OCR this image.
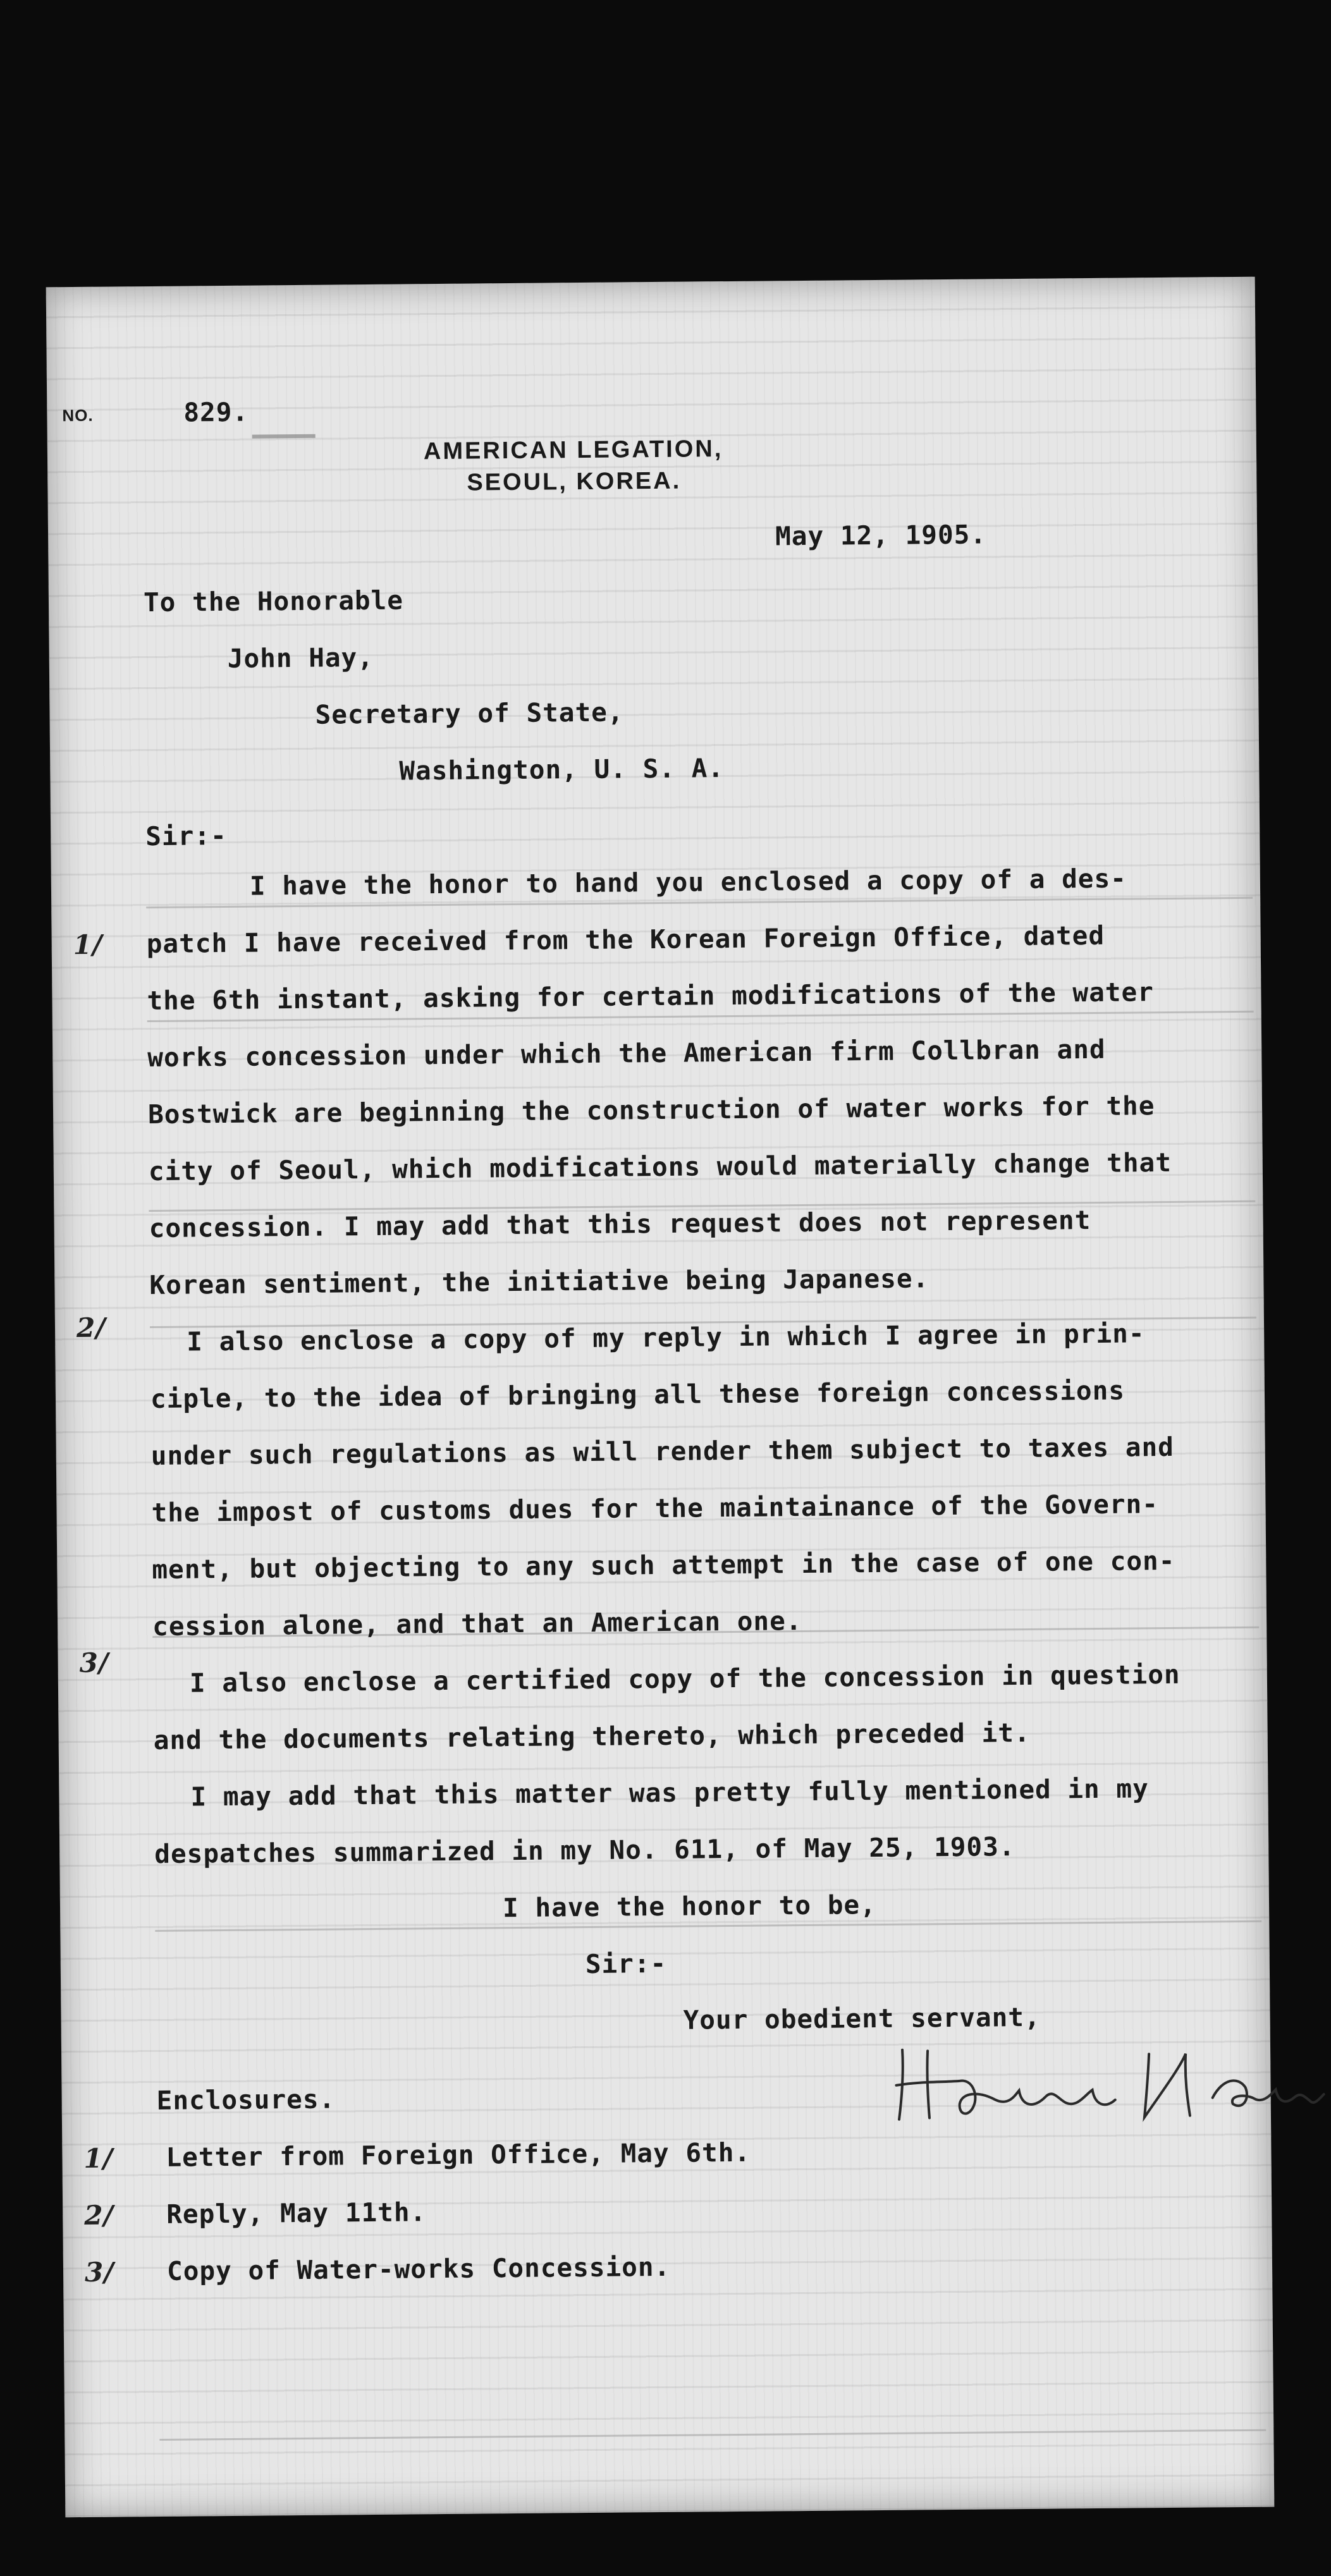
NO.	829.
AMERICAN LEGATION,
SEOUL, KOREA.
May 12, 1905.
To the Honorable
John Hay,
Secretary of State,
Washington, U. S. A.
Sir:-
1/
2/
3/
I have the honor to hand you enclosed a copy of a des-
patch I have received from the Korean Foreign Office, dated
the 6th instant, asking for certain modifications of the water
works concession under which the American firm Collbran and
Bostwick are beginning the construction of water works for the
city of Seoul, which modifications would materially change that
concession. I may add that this request does not represent
Korean sentiment, the initiative being Japanese.
I also enclose a copy of my reply in which I agree in prin-
ciple, to the idea of bringing all these foreign concessions
under such regulations as will render them subject to taxes and
the impost of customs dues for the maintainance of the Govern-
ment, but objecting to any such attempt in the case of one con-
cession alone, and that an American one.
I also enclose a certified copy of the concession in question
and the documents relating thereto, which preceded it.
I may add that this matter was pretty fully mentioned in my
despatches summarized in my No. 611, of May 25, 1903.
I have the honor to be,
Sir:-
Your obedient servant,
Enclosures.
1/ Letter from Foreign Office, May 6th.
2/ Reply, May 11th.
3/ Copy of Water-works Concession.
